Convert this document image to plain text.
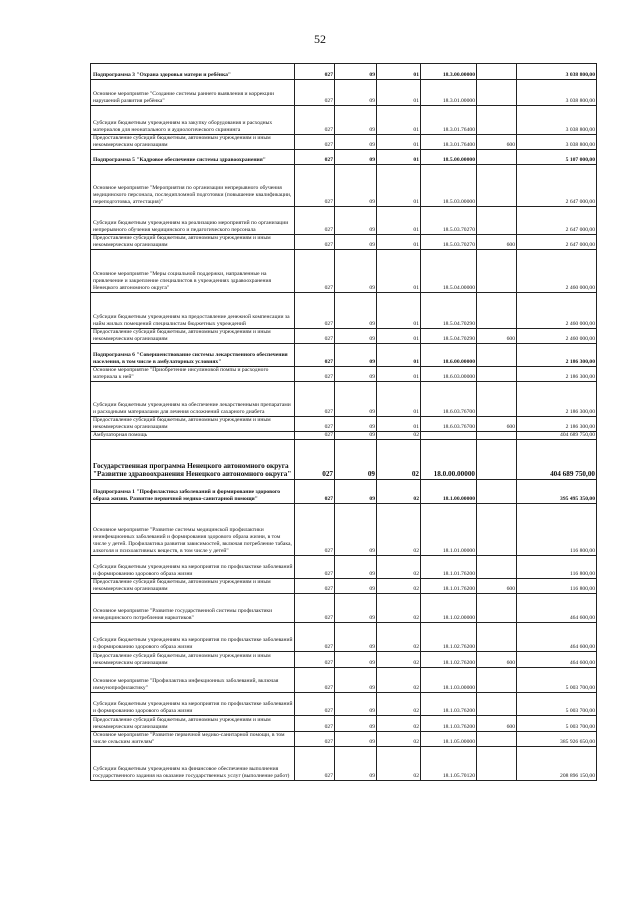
52
Подпрограмма 3 "Охрана здоровья матери и ребёнка"	027	09	01	18.3.00.00000		3 038 800,00

Основное мероприятие "Создание системы раннего выявления и коррекции нарушений развития ребёнка"	027	09	01	18.3.01.00000		3 038 800,00

Субсидии бюджетным учреждениям на закупку оборудования и расходных материалов для неонатального и аудиологического скрининга	027	09	01	18.3.01.76400		3 038 800,00

Предоставление субсидий бюджетным, автономным учреждениям и иным некоммерческим организациям	027	09	01	18.3.01.76400	600	3 038 800,00

Подпрограмма 5 "Кадровое обеспечение системы здравоохранения"	027	09	01	18.5.00.00000		5 107 000,00

Основное мероприятие "Мероприятия по организации непрерывного обучения медицинского персонала, последипломной подготовки (повышение квалификации, переподготовка, аттестация)"	027	09	01	18.5.03.00000		2 647 000,00

Субсидии бюджетным учреждениям на реализацию мероприятий по организации непрерывного обучения медицинского и педагогического персонала	027	09	01	18.5.03.70270		2 647 000,00

Предоставление субсидий бюджетным, автономным учреждениям и иным некоммерческим организациям	027	09	01	18.5.03.70270	600	2 647 000,00

Основное мероприятие "Меры социальной поддержки, направленные на привлечение и закрепление специалистов в учреждениях здравоохранения Ненецкого автономного округа"	027	09	01	18.5.04.00000		2 460 000,00

Субсидии бюджетным учреждениям на предоставление денежной компенсации за найм жилых помещений специалистам бюджетных учреждений	027	09	01	18.5.04.70290		2 460 000,00

Предоставление субсидий бюджетным, автономным учреждениям и иным некоммерческим организациям	027	09	01	18.5.04.70290	600	2 460 000,00

Подпрограмма 6 "Совершенствование системы лекарственного обеспечения населения, в том числе в амбулаторных условиях"	027	09	01	18.6.00.00000		2 186 300,00

Основное мероприятие "Приобретение инсулиновой помпы и расходного материала к ней"	027	09	01	18.6.03.00000		2 186 300,00

Субсидии бюджетным учреждениям на обеспечение лекарственными препаратами и расходными материалами для лечения осложнений сахарного диабета	027	09	01	18.6.03.76700		2 186 300,00

Предоставление субсидий бюджетным, автономным учреждениям и иным некоммерческим организациям	027	09	01	18.6.03.76700	600	2 186 300,00

Амбулаторная помощь	027	09	02			404 689 750,00

Государственная программа Ненецкого автономного округа "Развитие здравоохранения Ненецкого автономного округа"	027	09	02	18.0.00.00000		404 689 750,00

Подпрограмма 1 "Профилактика заболеваний и формирование здорового образа жизни. Развитие первичной медико-санитарной помощи"	027	09	02	18.1.00.00000		395 495 350,00

Основное мероприятие "Развитие системы медицинской профилактики неинфекционных заболеваний и формирования здорового образа жизни, в том числе у детей. Профилактика развития зависимостей, включая потребление табака, алкоголя и психоактивных веществ, в том числе у детей"	027	09	02	18.1.01.00000		116 800,00

Субсидии бюджетным учреждениям на мероприятия по профилактике заболеваний и формированию здорового образа жизни	027	09	02	18.1.01.76200		116 800,00

Предоставление субсидий бюджетным, автономным учреждениям и иным некоммерческим организациям	027	09	02	18.1.01.76200	600	116 800,00

Основное мероприятие "Развитие государственной системы профилактики немедицинского потребления наркотиков"	027	09	02	18.1.02.00000		464 600,00

Субсидии бюджетным учреждениям на мероприятия по профилактике заболеваний и формированию здорового образа жизни	027	09	02	18.1.02.76200		464 600,00

Предоставление субсидий бюджетным, автономным учреждениям и иным некоммерческим организациям	027	09	02	18.1.02.76200	600	464 600,00

Основное мероприятие "Профилактика инфекционных заболеваний, включая иммунопрофилактику"	027	09	02	18.1.03.00000		5 003 700,00

Субсидии бюджетным учреждениям на мероприятия по профилактике заболеваний и формированию здорового образа жизни	027	09	02	18.1.03.76200		5 003 700,00

Предоставление субсидий бюджетным, автономным учреждениям и иным некоммерческим организациям	027	09	02	18.1.03.76200	600	5 003 700,00

Основное мероприятие "Развитие первичной медико-санитарной помощи, в том числе сельским жителям"	027	09	02	18.1.05.00000		385 926 650,00

Субсидии бюджетным учреждениям на финансовое обеспечение выполнения государственного задания на оказание государственных услуг (выполнение работ)	027	09	02	18.1.05.70120		208 896 150,00
